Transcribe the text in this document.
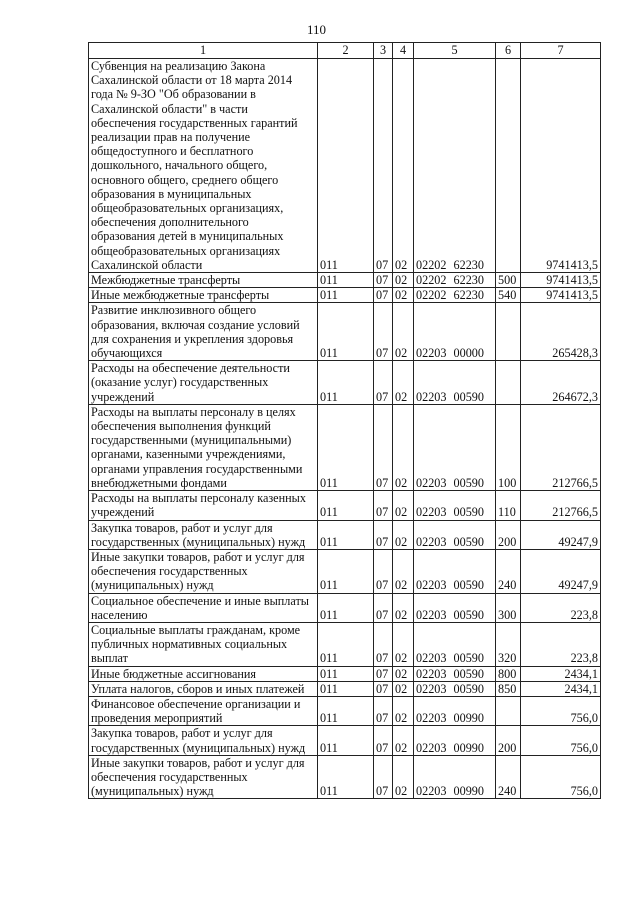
110
1	2	3	4	5	6	7
Субвенция на реализацию Закона Сахалинской области от 18 марта 2014 года № 9-ЗО "Об образовании в Сахалинской области" в части обеспечения государственных гарантий реализации прав на получение общедоступного и бесплатного дошкольного, начального общего, основного общего, среднего общего образования в муниципальных общеобразовательных организациях, обеспечения дополнительного образования детей в муниципальных общеобразовательных организациях Сахалинской области	011	07	02	02202 62230		9741413,5
Межбюджетные трансферты	011	07	02	02202 62230	500	9741413,5
Иные межбюджетные трансферты	011	07	02	02202 62230	540	9741413,5
Развитие инклюзивного общего образования, включая создание условий для сохранения и укрепления здоровья обучающихся	011	07	02	02203 00000		265428,3
Расходы на обеспечение деятельности (оказание услуг) государственных учреждений	011	07	02	02203 00590		264672,3
Расходы на выплаты персоналу в целях обеспечения выполнения функций государственными (муниципальными) органами, казенными учреждениями, органами управления государственными внебюджетными фондами	011	07	02	02203 00590	100	212766,5
Расходы на выплаты персоналу казенных учреждений	011	07	02	02203 00590	110	212766,5
Закупка товаров, работ и услуг для государственных (муниципальных) нужд	011	07	02	02203 00590	200	49247,9
Иные закупки товаров, работ и услуг для обеспечения государственных (муниципальных) нужд	011	07	02	02203 00590	240	49247,9
Социальное обеспечение и иные выплаты населению	011	07	02	02203 00590	300	223,8
Социальные выплаты гражданам, кроме публичных нормативных социальных выплат	011	07	02	02203 00590	320	223,8
Иные бюджетные ассигнования	011	07	02	02203 00590	800	2434,1
Уплата налогов, сборов и иных платежей	011	07	02	02203 00590	850	2434,1
Финансовое обеспечение организации и проведения мероприятий	011	07	02	02203 00990		756,0
Закупка товаров, работ и услуг для государственных (муниципальных) нужд	011	07	02	02203 00990	200	756,0
Иные закупки товаров, работ и услуг для обеспечения государственных (муниципальных) нужд	011	07	02	02203 00990	240	756,0
